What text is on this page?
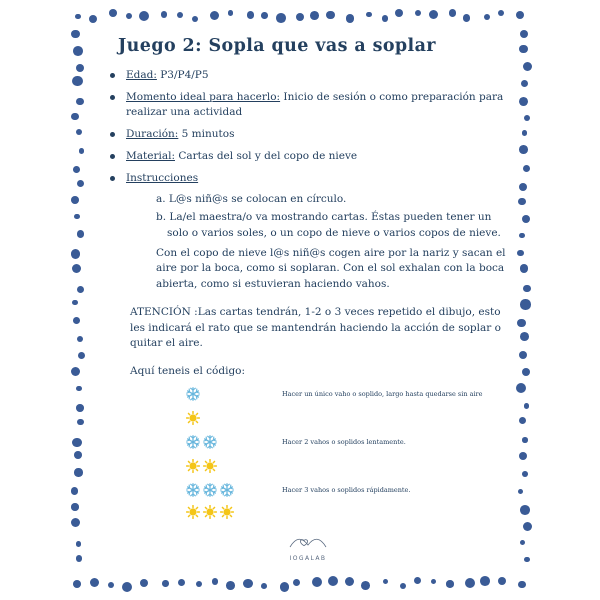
Juego 2: Sopla que vas a soplar
Edad: P3/P4/P5
Momento ideal para hacerlo: Inicio de sesión o como preparación para realizar una actividad
Duración: 5 minutos
Material: Cartas del sol y del copo de nieve
Instrucciones
a. L@s niñ@s se colocan en círculo.
b. La/el maestra/o va mostrando cartas. Éstas pueden tener un solo o varios soles, o un copo de nieve o varios copos de nieve.
Con el copo de nieve l@s niñ@s cogen aire por la nariz y sacan el aire por la boca, como si soplaran. Con el sol exhalan con la boca abierta, como si estuvieran haciendo vahos.
ATENCIÓN :Las cartas tendrán, 1-2 o 3 veces repetido el dibujo, esto les indicará el rato que se mantendrán haciendo la acción de soplar o quitar el aire.
Aquí teneis el código:
Hacer un único vaho o soplido, largo hasta quedarse sin aire
Hacer 2 vahos o soplidos lentamente.
Hacer 3 vahos o soplidos rápidamente.
IOGALAB
